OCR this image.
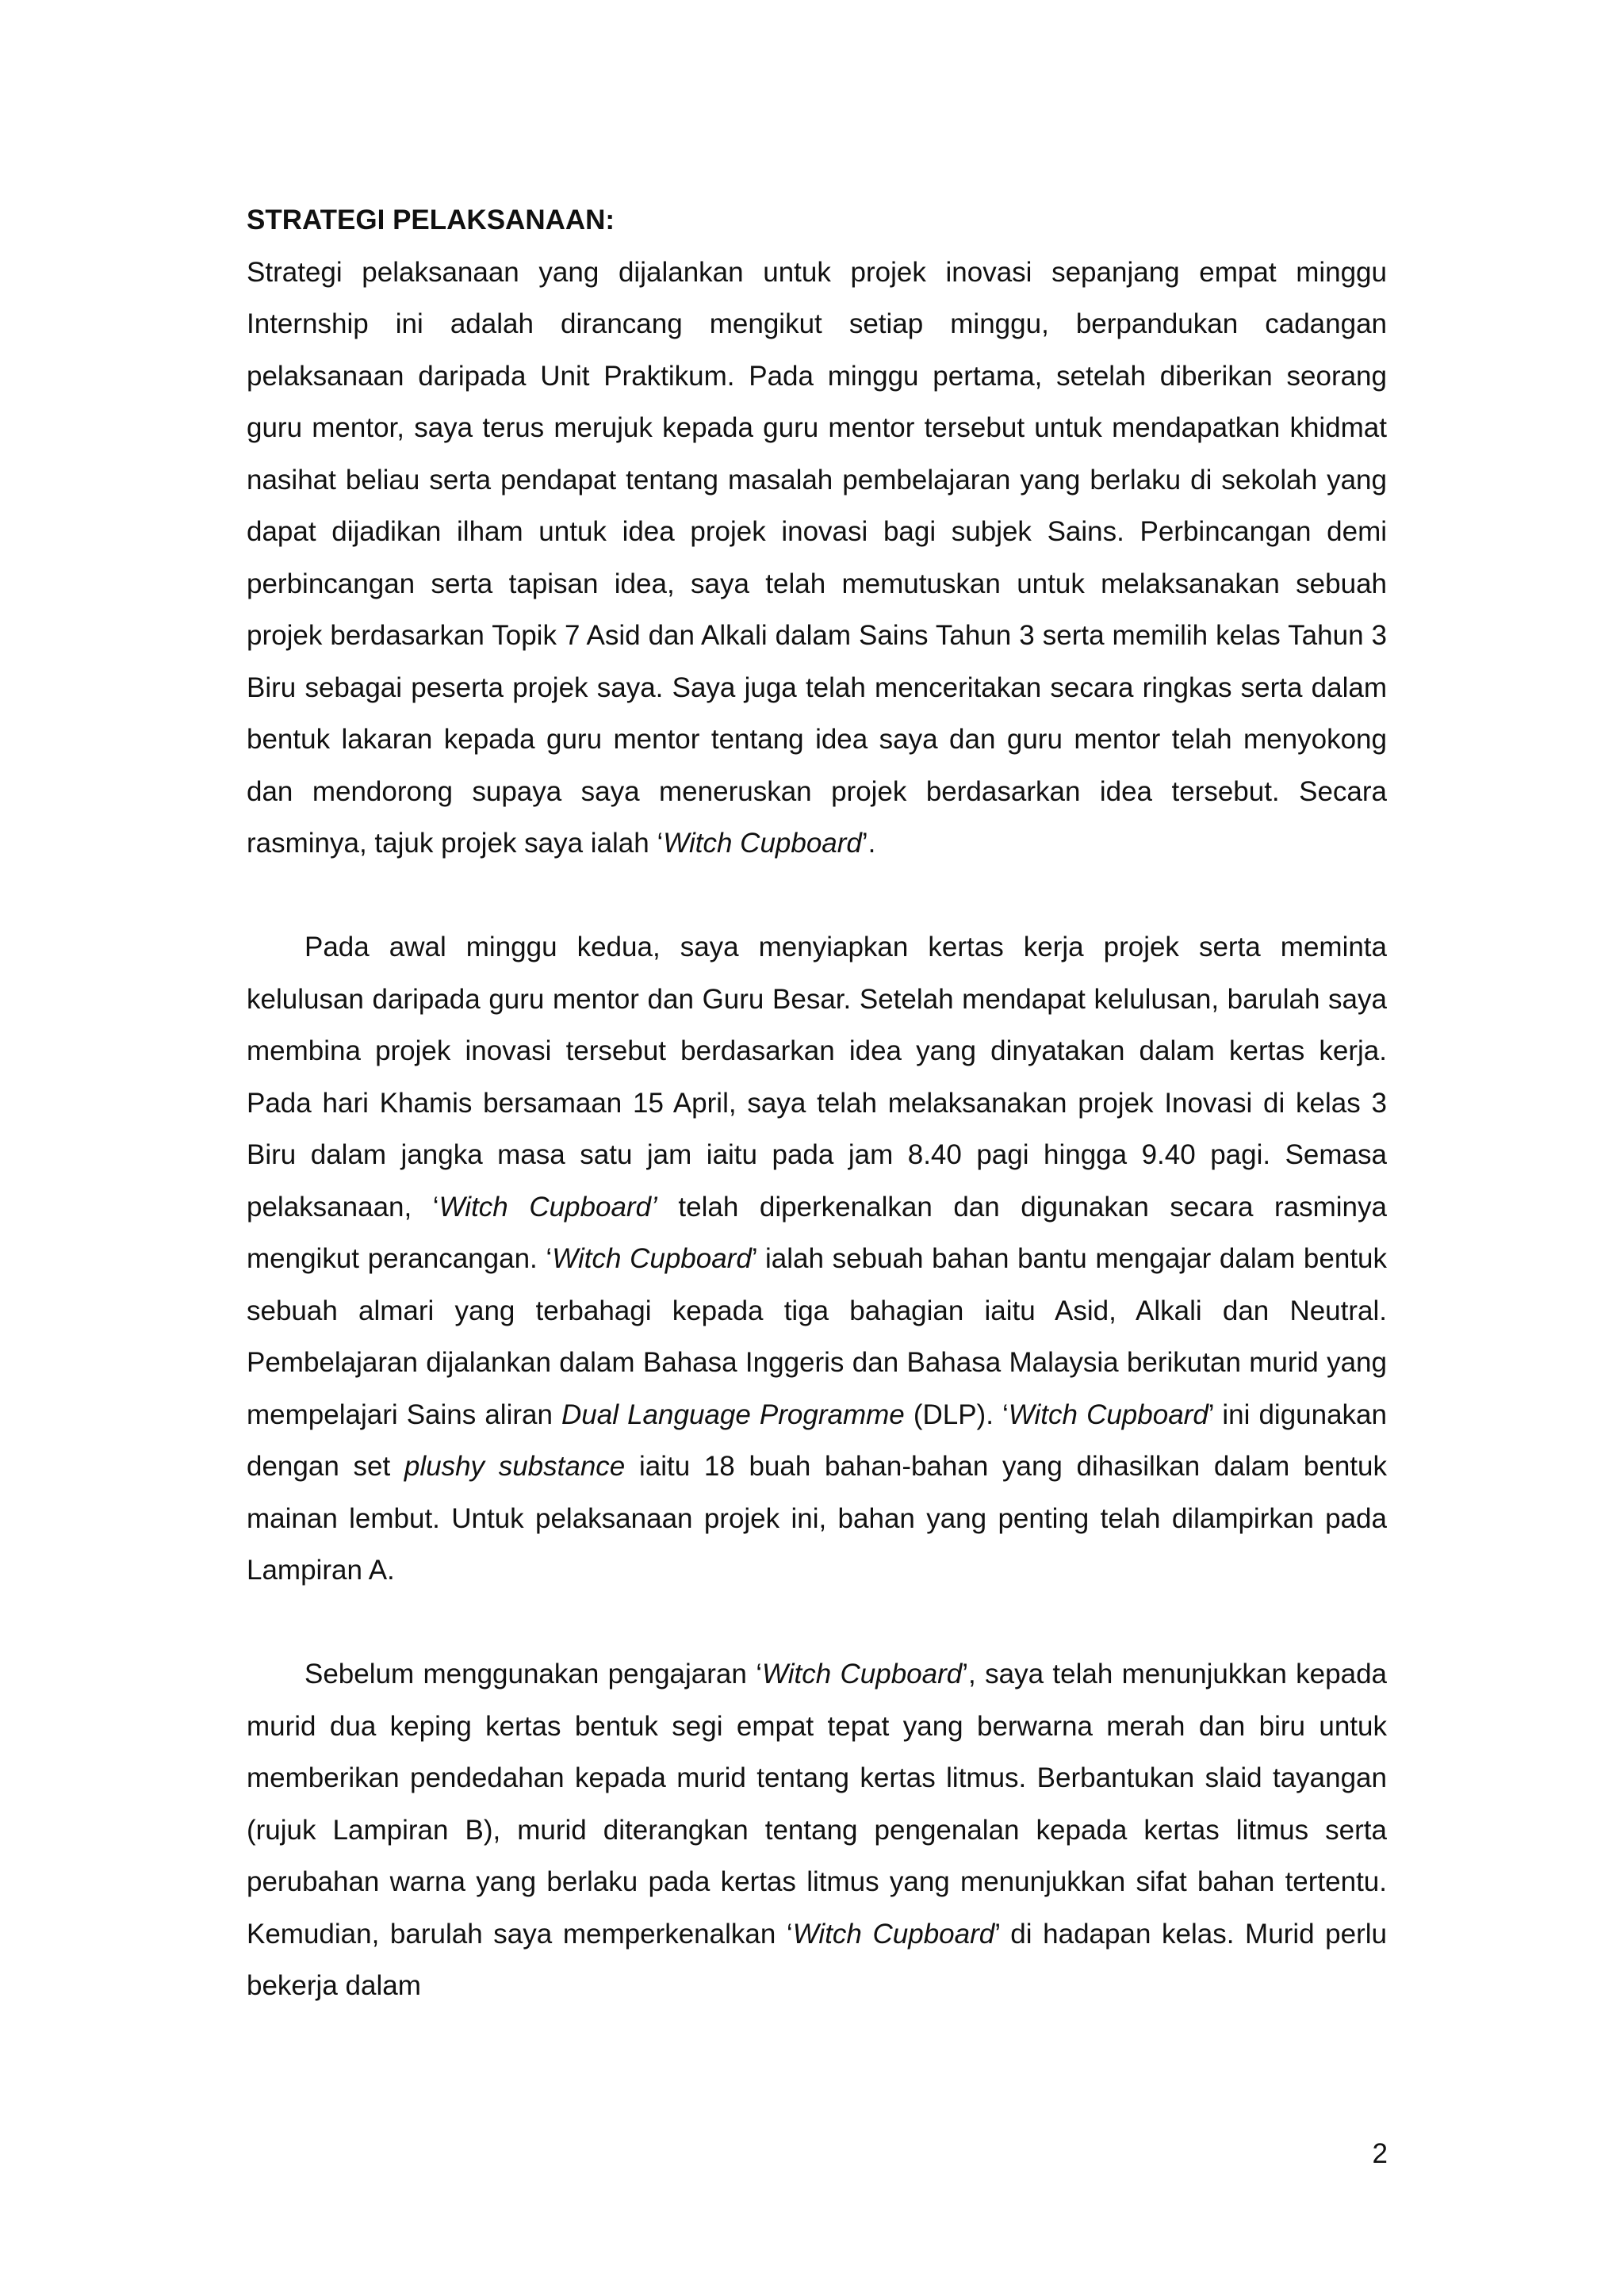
STRATEGI PELAKSANAAN:

Strategi pelaksanaan yang dijalankan untuk projek inovasi sepanjang empat minggu Internship ini adalah dirancang mengikut setiap minggu, berpandukan cadangan pelaksanaan daripada Unit Praktikum. Pada minggu pertama, setelah diberikan seorang guru mentor, saya terus merujuk kepada guru mentor tersebut untuk mendapatkan khidmat nasihat beliau serta pendapat tentang masalah pembelajaran yang berlaku di sekolah yang dapat dijadikan ilham untuk idea projek inovasi bagi subjek Sains. Perbincangan demi perbincangan serta tapisan idea, saya telah memutuskan untuk melaksanakan sebuah projek berdasarkan Topik 7 Asid dan Alkali dalam Sains Tahun 3 serta memilih kelas Tahun 3 Biru sebagai peserta projek saya. Saya juga telah menceritakan secara ringkas serta dalam bentuk lakaran kepada guru mentor tentang idea saya dan guru mentor telah menyokong dan mendorong supaya saya meneruskan projek berdasarkan idea tersebut. Secara rasminya, tajuk projek saya ialah ‘Witch Cupboard’.

Pada awal minggu kedua, saya menyiapkan kertas kerja projek serta meminta kelulusan daripada guru mentor dan Guru Besar. Setelah mendapat kelulusan, barulah saya membina projek inovasi tersebut berdasarkan idea yang dinyatakan dalam kertas kerja. Pada hari Khamis bersamaan 15 April, saya telah melaksanakan projek Inovasi di kelas 3 Biru dalam jangka masa satu jam iaitu pada jam 8.40 pagi hingga 9.40 pagi. Semasa pelaksanaan, ‘Witch Cupboard’ telah diperkenalkan dan digunakan secara rasminya mengikut perancangan. ‘Witch Cupboard’ ialah sebuah bahan bantu mengajar dalam bentuk sebuah almari yang terbahagi kepada tiga bahagian iaitu Asid, Alkali dan Neutral. Pembelajaran dijalankan dalam Bahasa Inggeris dan Bahasa Malaysia berikutan murid yang mempelajari Sains aliran Dual Language Programme (DLP). ‘Witch Cupboard’ ini digunakan dengan set plushy substance iaitu 18 buah bahan-bahan yang dihasilkan dalam bentuk mainan lembut. Untuk pelaksanaan projek ini, bahan yang penting telah dilampirkan pada Lampiran A.

Sebelum menggunakan pengajaran ‘Witch Cupboard’, saya telah menunjukkan kepada murid dua keping kertas bentuk segi empat tepat yang berwarna merah dan biru untuk memberikan pendedahan kepada murid tentang kertas litmus. Berbantukan slaid tayangan (rujuk Lampiran B), murid diterangkan tentang pengenalan kepada kertas litmus serta perubahan warna yang berlaku pada kertas litmus yang menunjukkan sifat bahan tertentu. Kemudian, barulah saya memperkenalkan ‘Witch Cupboard’ di hadapan kelas. Murid perlu bekerja dalam

2
